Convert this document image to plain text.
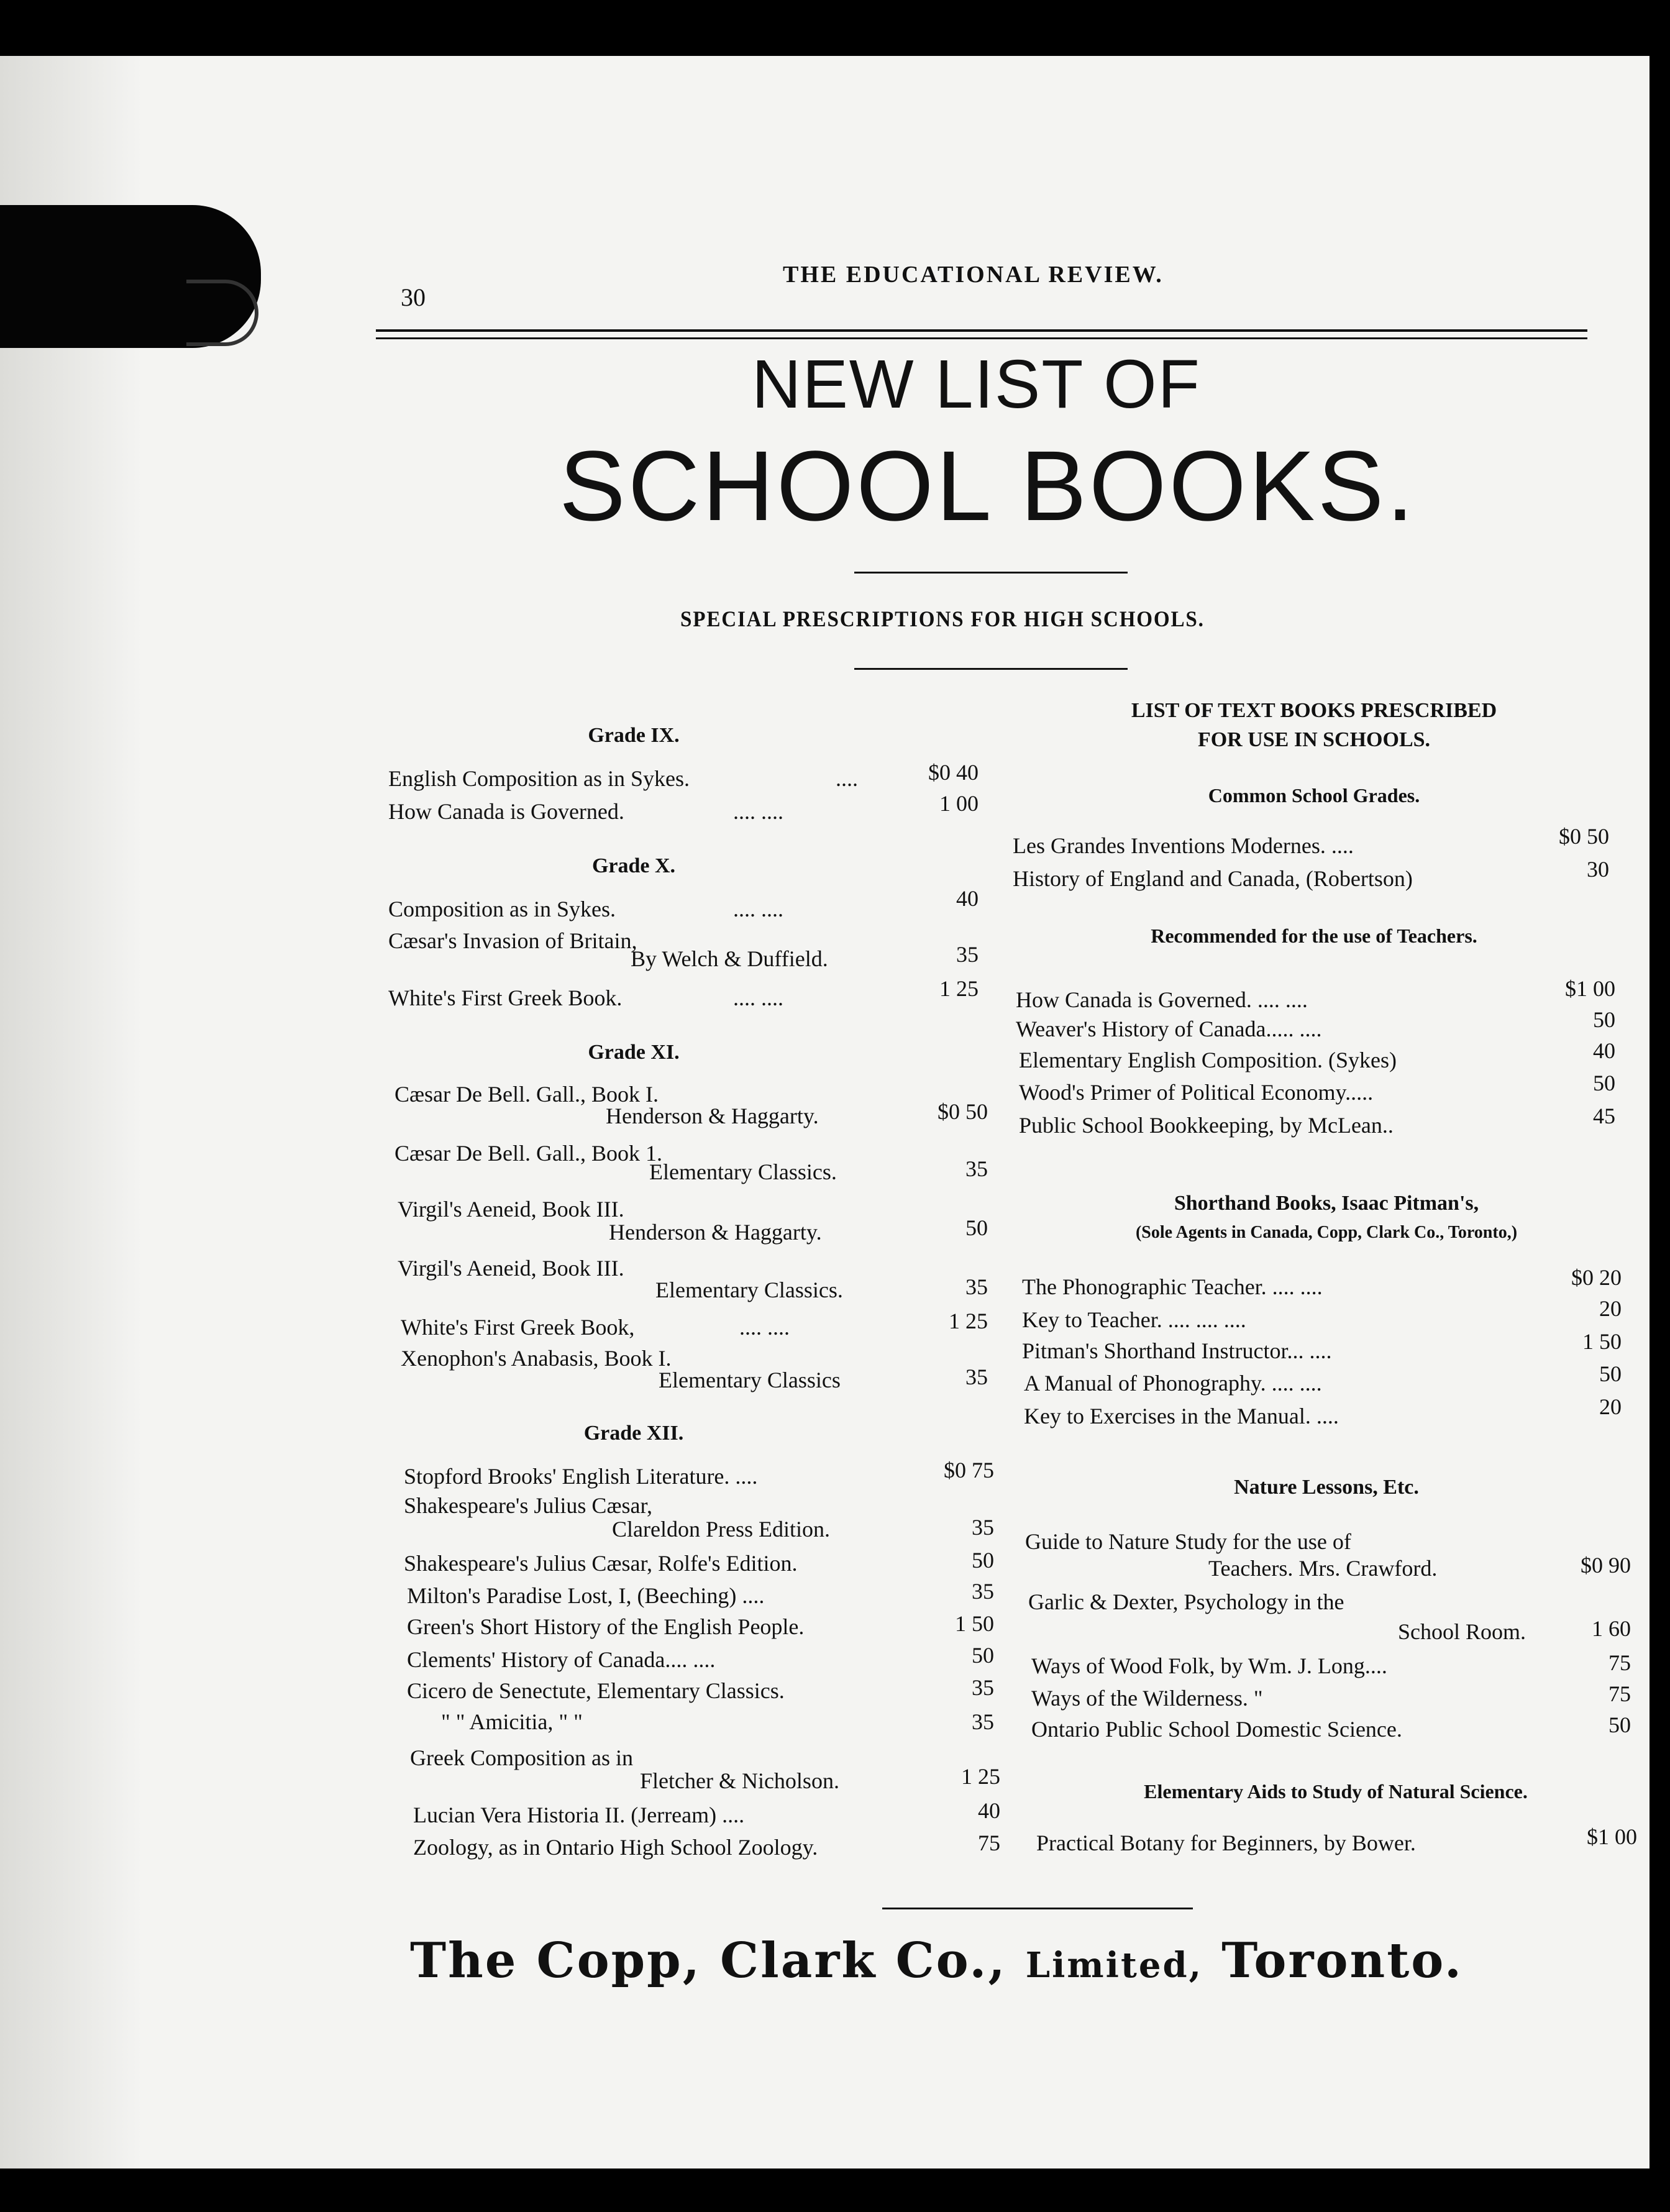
30
THE EDUCATIONAL REVIEW.
NEW LIST OF
SCHOOL BOOKS.
SPECIAL PRESCRIPTIONS FOR HIGH SCHOOLS.
Grade IX.
English Composition as in Sykes.	....	$0 40
How Canada is Governed.	.... ....	1 00
Grade X.
Composition as in Sykes.	.... ....	40
Cæsar's Invasion of Britain,
By Welch & Duffield.	35
White's First Greek Book.	.... ....	1 25
Grade XI.
Cæsar De Bell. Gall., Book I.
Henderson & Haggarty.	$0 50
Cæsar De Bell. Gall., Book 1.
Elementary Classics.	35
Virgil's Aeneid, Book III.
Henderson & Haggarty.	50
Virgil's Aeneid, Book III.
Elementary Classics.	35
White's First Greek Book,	.... ....	1 25
Xenophon's Anabasis, Book I.
Elementary Classics	35
Grade XII.
Stopford Brooks' English Literature. ....	$0 75
Shakespeare's Julius Cæsar,
Clareldon Press Edition.	35
Shakespeare's Julius Cæsar, Rolfe's Edition.	50
Milton's Paradise Lost, I, (Beeching) ....	35
Green's Short History of the English People.	1 50
Clements' History of Canada.... ....	50
Cicero de Senectute, Elementary Classics.	35
" " Amicitia, " "	35
Greek Composition as in
Fletcher & Nicholson.	1 25
Lucian Vera Historia II. (Jerream) ....	40
Zoology, as in Ontario High School Zoology.	75
LIST OF TEXT BOOKS PRESCRIBED
FOR USE IN SCHOOLS.
Common School Grades.
Les Grandes Inventions Modernes. ....	$0 50
History of England and Canada, (Robertson)	30
Recommended for the use of Teachers.
How Canada is Governed. .... ....	$1 00
Weaver's History of Canada..... ....	50
Elementary English Composition. (Sykes)	40
Wood's Primer of Political Economy.....	50
Public School Bookkeeping, by McLean..	45
Shorthand Books, Isaac Pitman's,
(Sole Agents in Canada, Copp, Clark Co., Toronto,)
The Phonographic Teacher. .... ....	$0 20
Key to Teacher. .... .... ....	20
Pitman's Shorthand Instructor... ....	1 50
A Manual of Phonography. .... ....	50
Key to Exercises in the Manual. ....	20
Nature Lessons, Etc.
Guide to Nature Study for the use of
Teachers. Mrs. Crawford.	$0 90
Garlic & Dexter, Psychology in the
School Room.	1 60
Ways of Wood Folk, by Wm. J. Long....	75
Ways of the Wilderness. "	75
Ontario Public School Domestic Science.	50
Elementary Aids to Study of Natural Science.
Practical Botany for Beginners, by Bower.	$1 00
The Copp, Clark Co., Limited, Toronto.
